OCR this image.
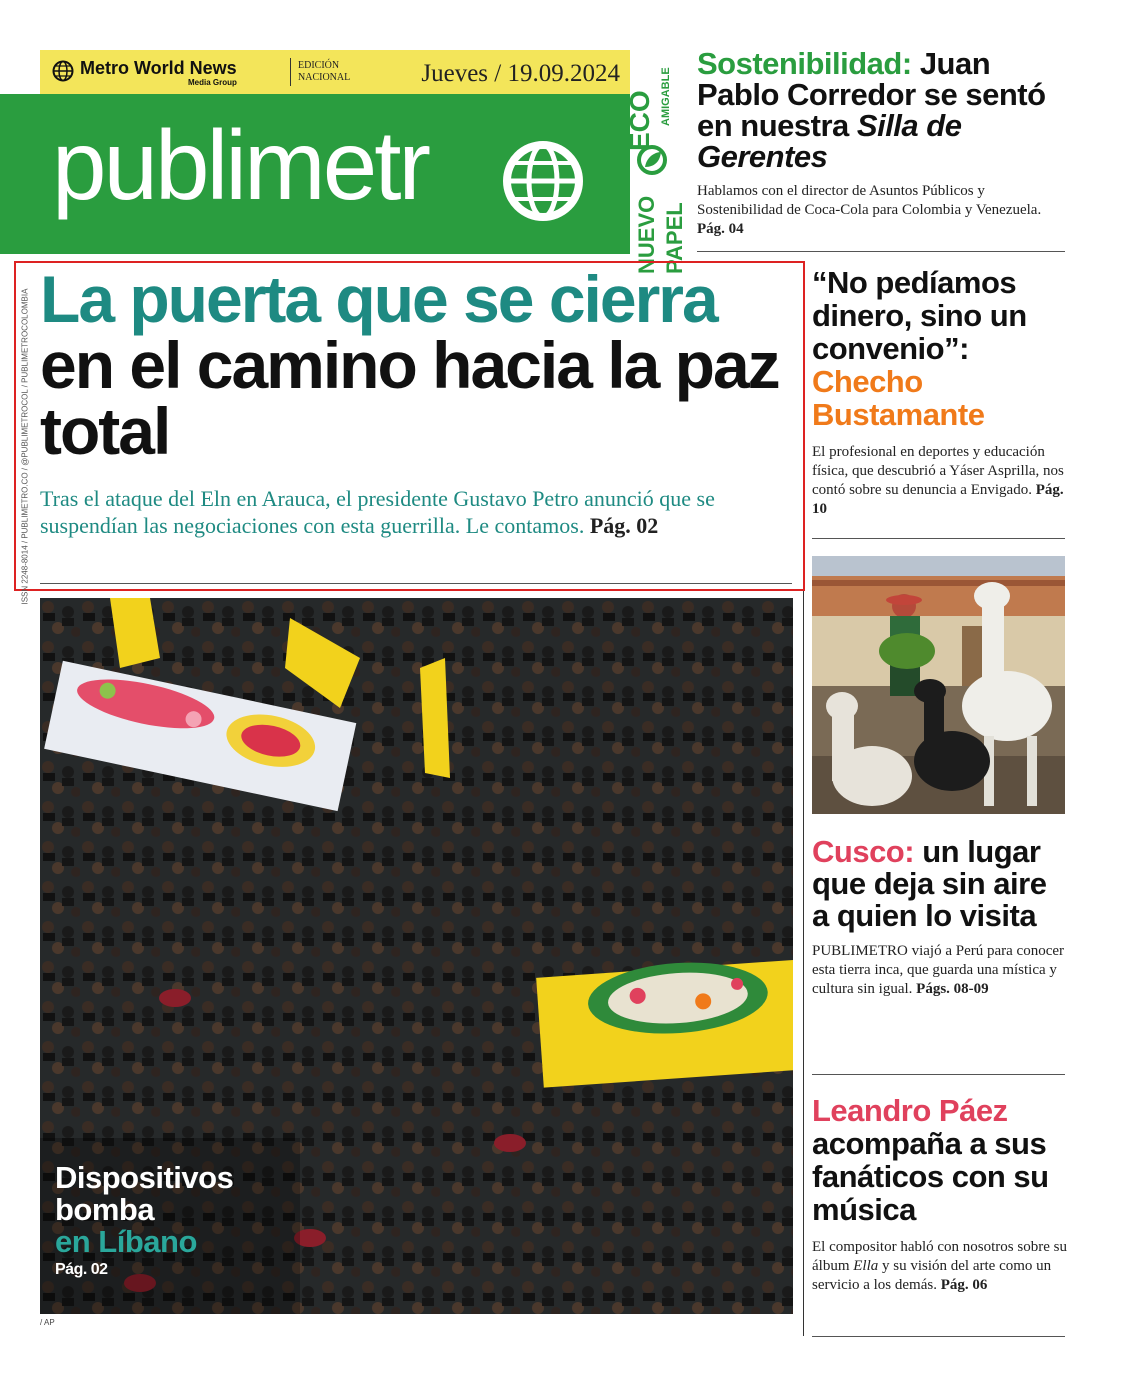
Metro World News
Media Group
EDICIÓN NACIONAL	Jueves / 19.09.2024
publimetr
NUEVO PAPEL
ECO AMIGABLE
Sostenibilidad: Juan Pablo Corredor se sentó en nuestra Silla de Gerentes
Hablamos con el director de Asuntos Públicos y Sostenibilidad de Coca-Cola para Colombia y Venezuela. Pág. 04
“No pedíamos dinero, sino un convenio”: Checho Bustamante
El profesional en deportes y educación física, que descubrió a Yáser Asprilla, nos contó sobre su denuncia a Envigado. Pág. 10
Cusco: un lugar que deja sin aire a quien lo visita
PUBLIMETRO viajó a Perú para conocer esta tierra inca, que guarda una mística y cultura sin igual. Págs. 08-09
Leandro Páez acompaña a sus fanáticos con su música
El compositor habló con nosotros sobre su álbum Ella y su visión del arte como un servicio a los demás. Pág. 06
ISSN 2248-8014 / PUBLIMETRO.CO / @PUBLIMETROCOL / PUBLIMETROCOLOMBIA La puerta que se cierra en el camino hacia la paz total
Tras el ataque del Eln en Arauca, el presidente Gustavo Petro anunció que se suspendían las negociaciones con esta guerrilla. Le contamos. Pág. 02
Dispositivos
bomba
en Líbano
Pág. 02
/ AP
